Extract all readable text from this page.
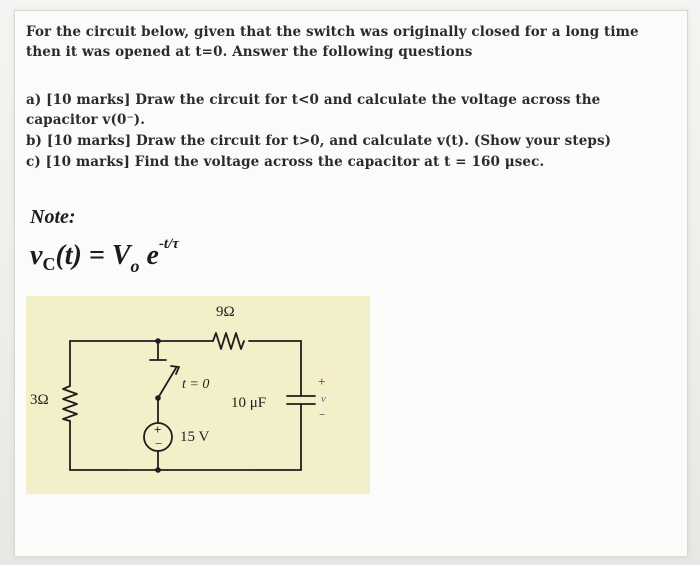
For the circuit below, given that the switch was originally closed for a long time
then it was opened at t=0. Answer the following questions
a) [10 marks] Draw the circuit for t<0 and calculate the voltage across the
capacitor v(0⁻).
b) [10 marks] Draw the circuit for t>0, and calculate v(t). (Show your steps)
c) [10 marks] Find the voltage across the capacitor at t = 160 μsec.
Note:
vC(t) = Vo e-t/τ
9Ω
3Ω
t = 0
10 μF
15 V
+
−
+
v
−
